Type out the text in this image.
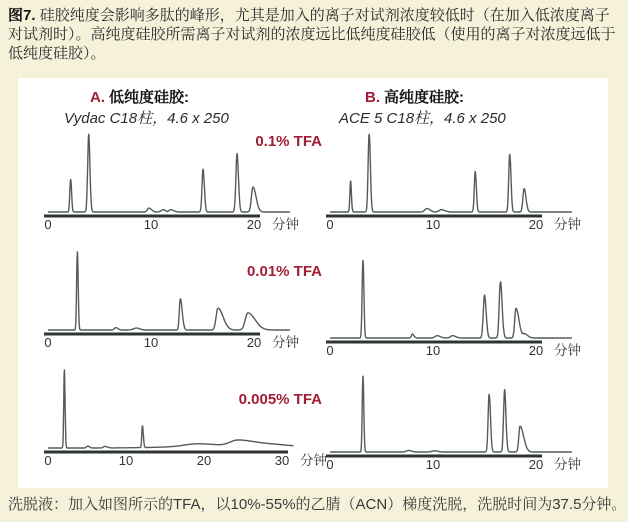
图7. 硅胶纯度会影响多肽的峰形，尤其是加入的离子对试剂浓度较低时（在加入低浓度离子对试剂时）。高纯度硅胶所需离子对试剂的浓度远比低纯度硅胶低（使用的离子对浓度远低于低纯度硅胶）。
A. 低纯度硅胶:
Vydac C18柱，4.6 x 250
B. 高纯度硅胶:
ACE 5 C18柱，4.6 x 250
0.1% TFA
0.01% TFA
0.005% TFA
0	10	20 分钟 0	10	20 分钟
0	10	20 分钟
0	10	20 分钟
0	10	20	30 分钟 0	10	20 分钟
洗脱液：加入如图所示的TFA，以10%-55%的乙腈（ACN）梯度洗脱，洗脱时间为37.5分钟。
